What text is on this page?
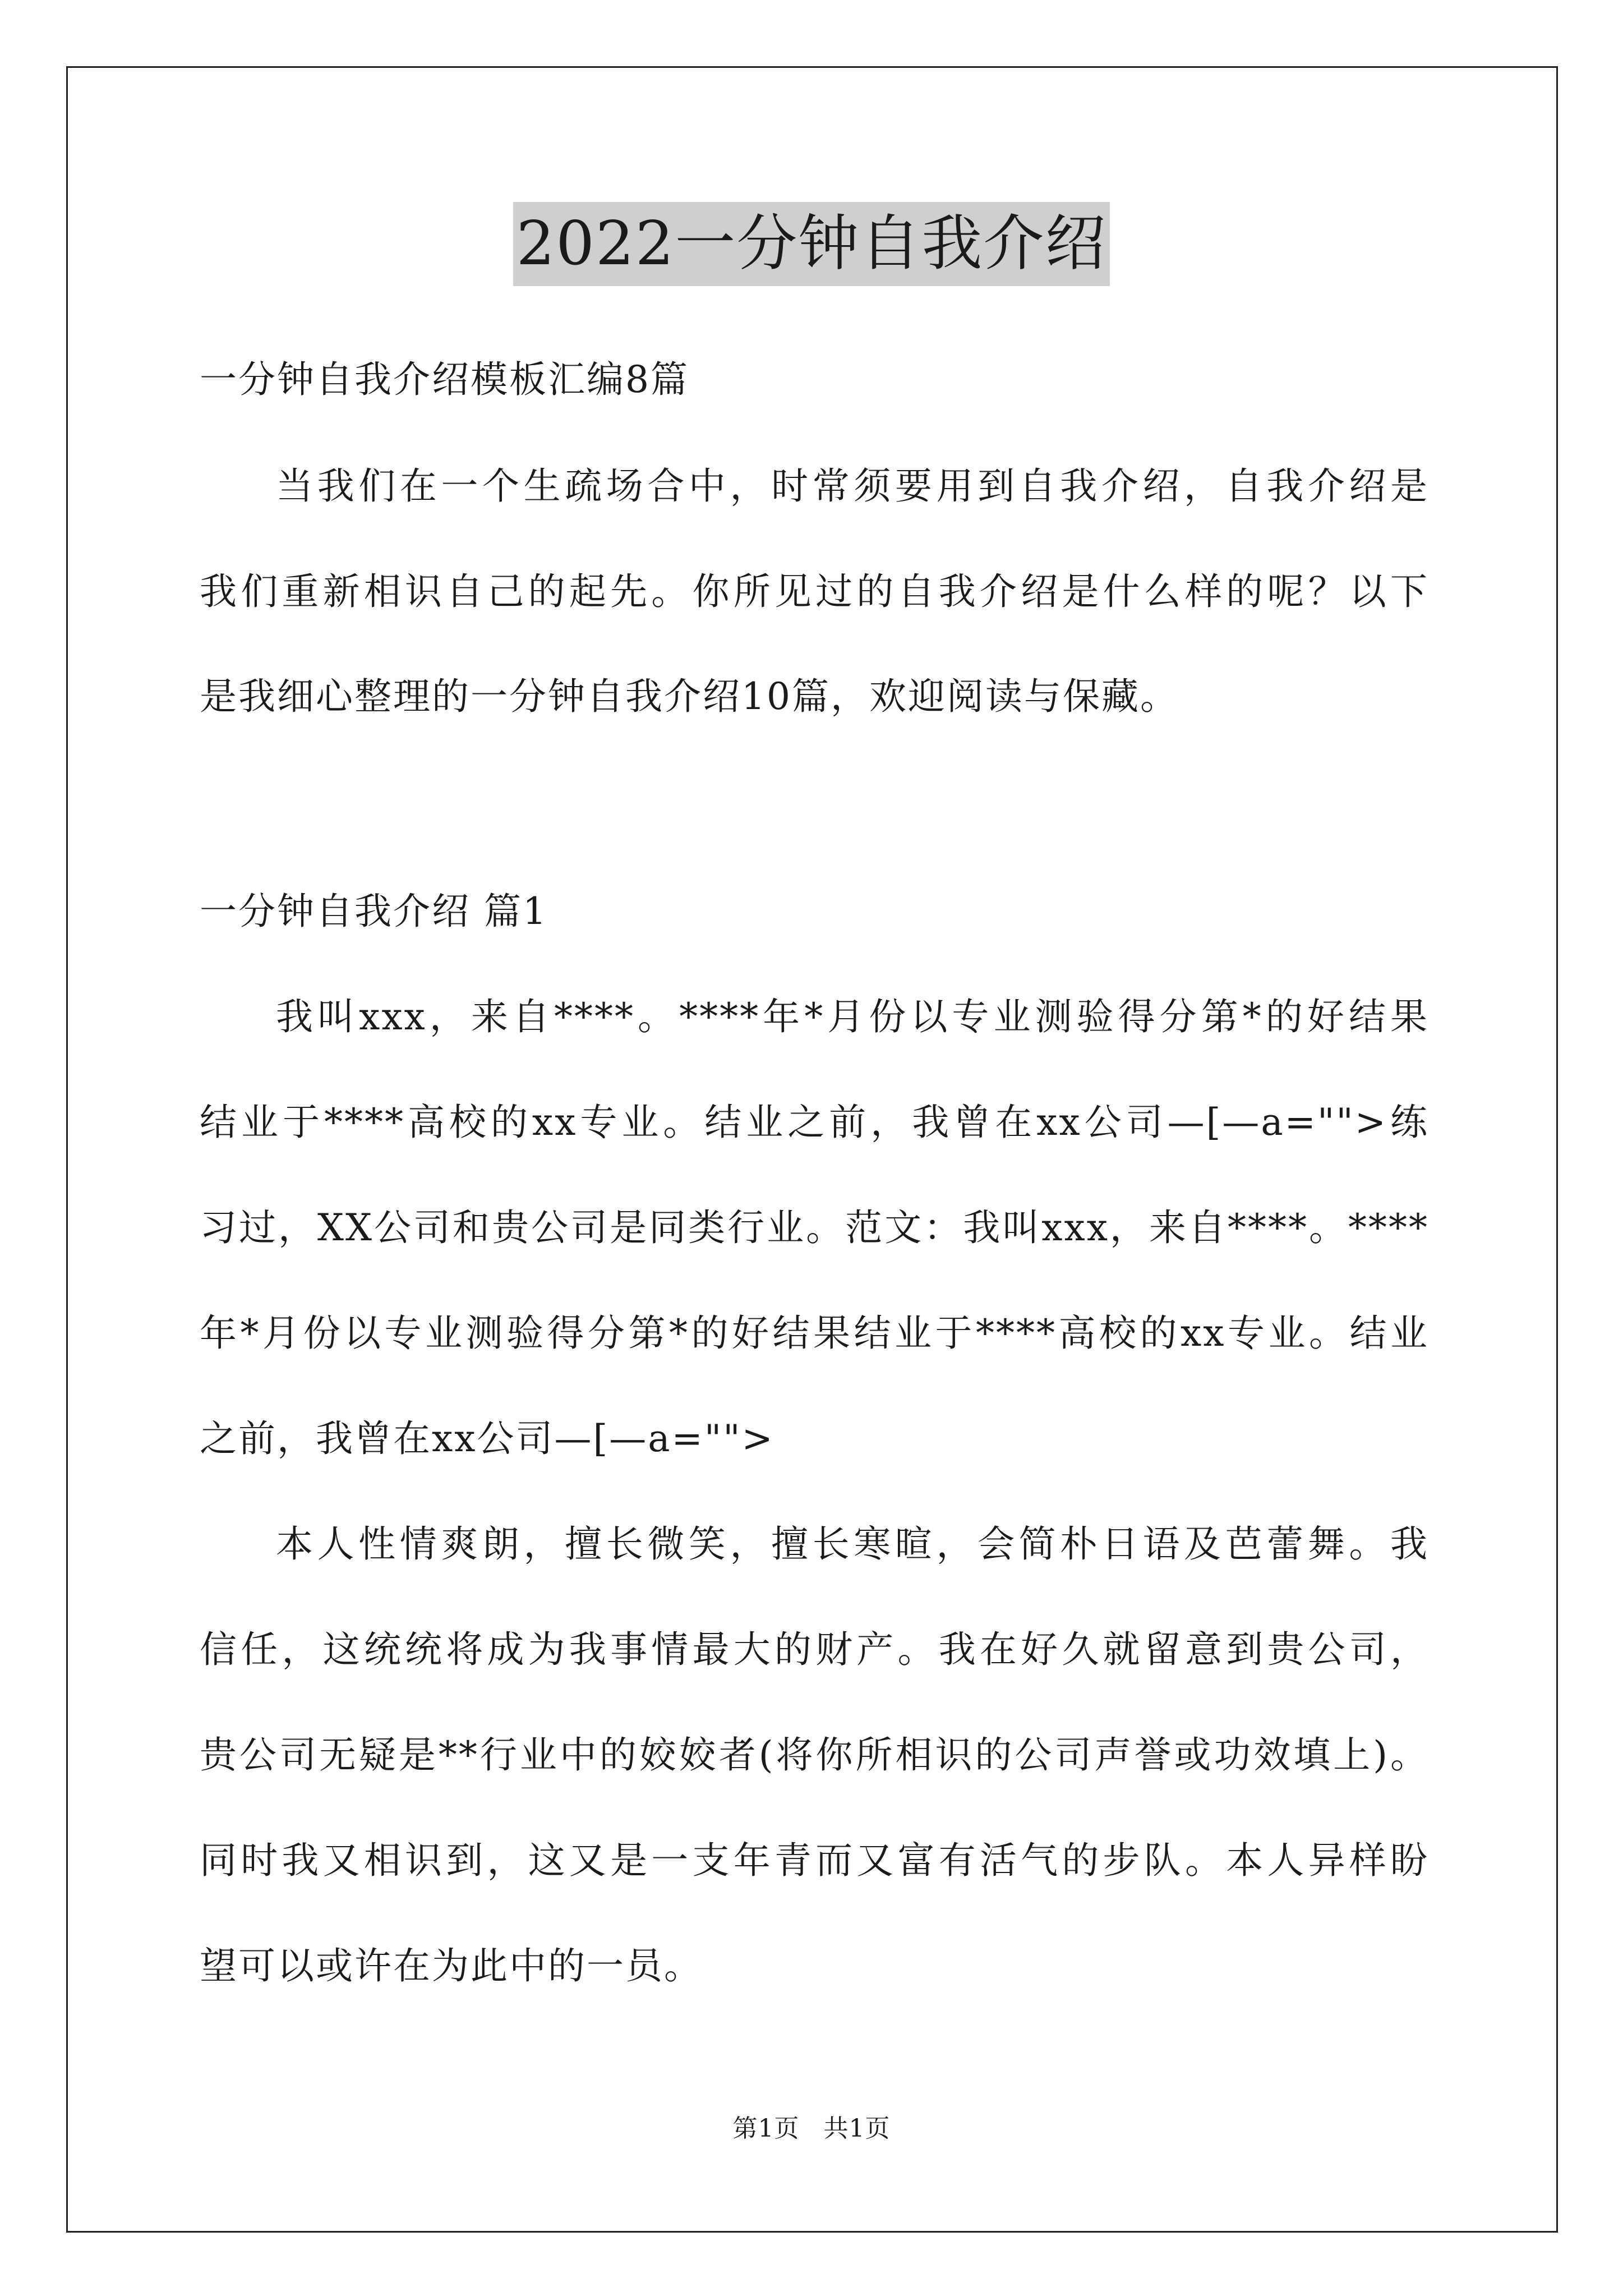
2022一分钟自我介绍
一分钟自我介绍模板汇编8篇
当我们在一个生疏场合中，时常须要用到自我介绍，自我介绍是
我们重新相识自己的起先。你所见过的自我介绍是什么样的呢？以下
是我细心整理的一分钟自我介绍10篇，欢迎阅读与保藏。
一分钟自我介绍 篇1
我叫xxx，来自****。****年*月份以专业测验得分第*的好结果
结业于****高校的xx专业。结业之前，我曾在xx公司—[—a="">练
习过，XX公司和贵公司是同类行业。范文：我叫xxx，来自****。****
年*月份以专业测验得分第*的好结果结业于****高校的xx专业。结业
之前，我曾在xx公司—[—a="">
本人性情爽朗，擅长微笑，擅长寒暄，会简朴日语及芭蕾舞。我
信任，这统统将成为我事情最大的财产。我在好久就留意到贵公司，
贵公司无疑是**行业中的姣姣者(将你所相识的公司声誉或功效填上)。
同时我又相识到，这又是一支年青而又富有活气的步队。本人异样盼
望可以或许在为此中的一员。
第1页 共1页
